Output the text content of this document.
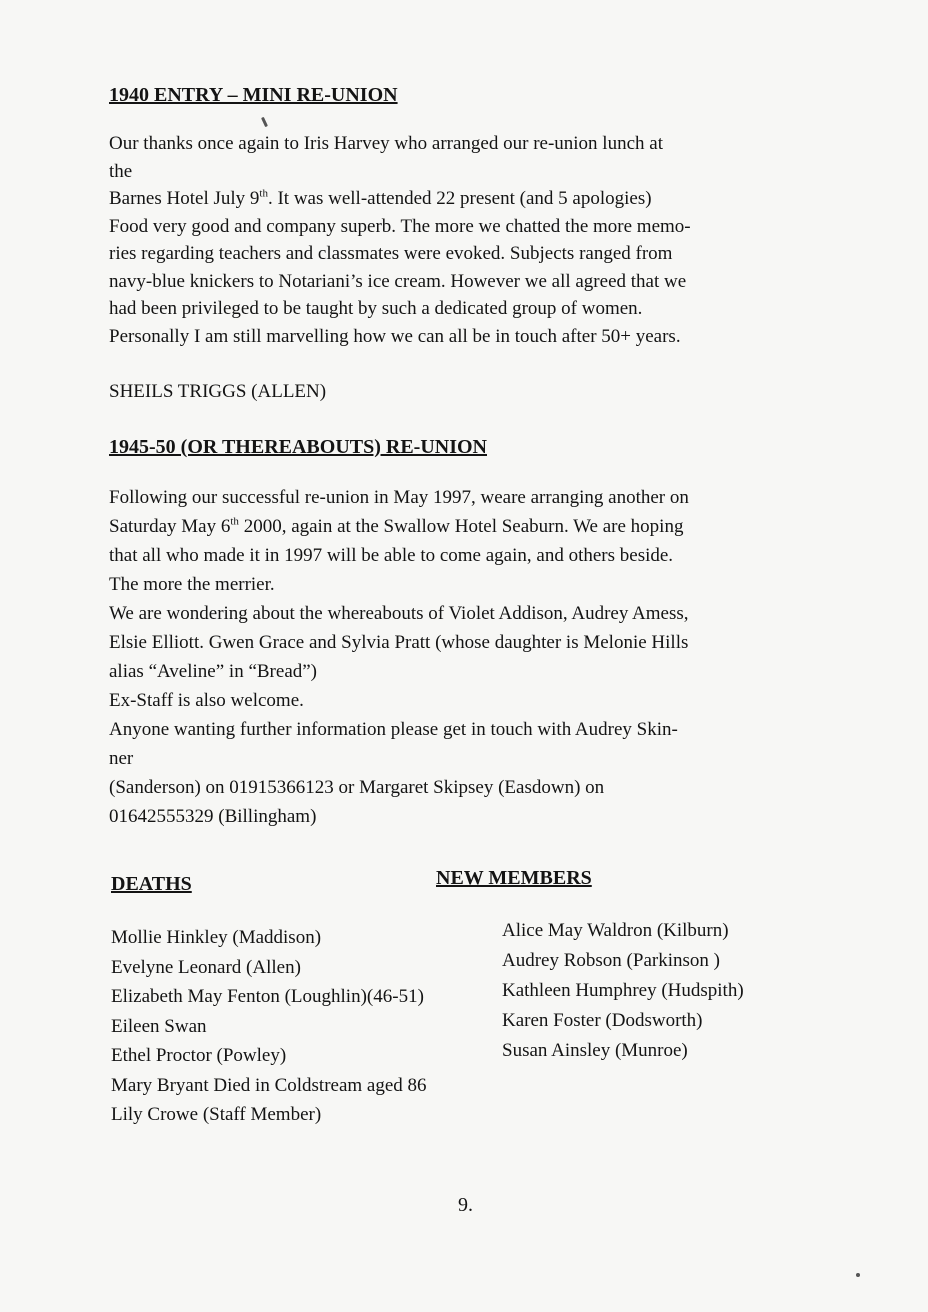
1940 ENTRY – MINI RE-UNION
Our thanks once again to Iris Harvey who arranged our re-union lunch at
the
Barnes Hotel July 9th. It was well-attended 22 present (and 5 apologies)
Food very good and company superb. The more we chatted the more memo-
ries regarding teachers and classmates were evoked. Subjects ranged from
navy-blue knickers to Notariani’s ice cream. However we all agreed that we
had been privileged to be taught by such a dedicated group of women.
Personally I am still marvelling how we can all be in touch after 50+ years.
SHEILS TRIGGS (ALLEN)
1945-50 (OR THEREABOUTS) RE-UNION
Following our successful re-union in May 1997, weare arranging another on
Saturday May 6th 2000, again at the Swallow Hotel Seaburn. We are hoping
that all who made it in 1997 will be able to come again, and others beside.
The more the merrier.
We are wondering about the whereabouts of Violet Addison, Audrey Amess,
Elsie Elliott. Gwen Grace and Sylvia Pratt (whose daughter is Melonie Hills
alias “Aveline” in “Bread”)
Ex-Staff is also welcome.
Anyone wanting further information please get in touch with Audrey Skin-
ner
(Sanderson) on 01915366123 or Margaret Skipsey (Easdown) on
01642555329 (Billingham)
DEATHS	NEW MEMBERS
Mollie Hinkley (Maddison)
Evelyne Leonard (Allen)
Elizabeth May Fenton (Loughlin)(46-51)
Eileen Swan
Ethel Proctor (Powley)
Mary Bryant Died in Coldstream aged 86
Lily Crowe (Staff Member)
Alice May Waldron (Kilburn)
Audrey Robson (Parkinson )
Kathleen Humphrey (Hudspith)
Karen Foster (Dodsworth)
Susan Ainsley (Munroe)
9.
